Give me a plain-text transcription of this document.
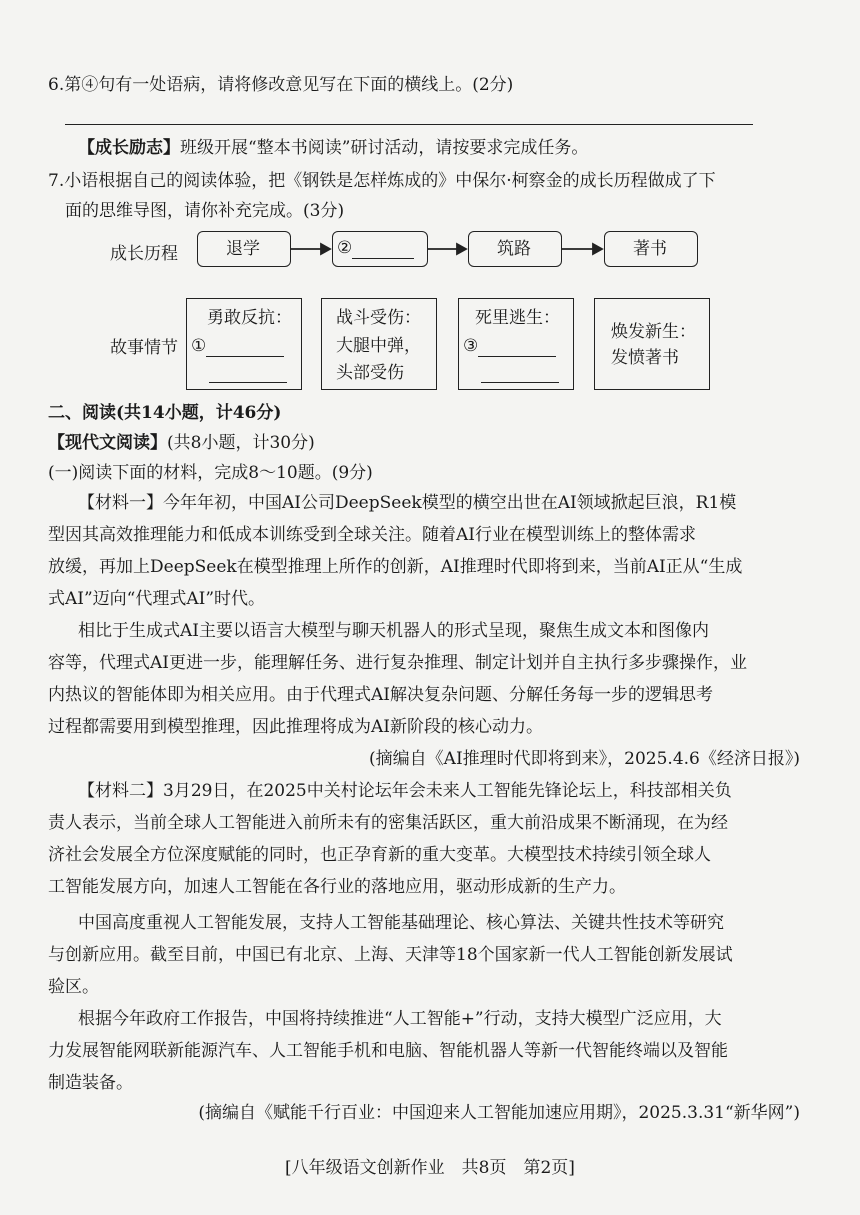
6.第④句有一处语病，请将修改意见写在下面的横线上。(2分)
【成长励志】班级开展“整本书阅读”研讨活动，请按要求完成任务。
7.小语根据自己的阅读体验，把《钢铁是怎样炼成的》中保尔·柯察金的成长历程做成了下
面的思维导图，请你补充完成。(3分)
成长历程
故事情节
退学	②	筑路	著书
勇敢反抗：
①
战斗受伤：
大腿中弹，
头部受伤
死里逃生：
③
焕发新生：
发愤著书
二、阅读(共14小题，计46分)
【现代文阅读】(共8小题，计30分)
(一)阅读下面的材料，完成8～10题。(9分)
【材料一】今年年初，中国AI公司DeepSeek模型的横空出世在AI领域掀起巨浪，R1模
型因其高效推理能力和低成本训练受到全球关注。随着AI行业在模型训练上的整体需求
放缓，再加上DeepSeek在模型推理上所作的创新，AI推理时代即将到来，当前AI正从“生成
式AI”迈向“代理式AI”时代。
相比于生成式AI主要以语言大模型与聊天机器人的形式呈现，聚焦生成文本和图像内
容等，代理式AI更进一步，能理解任务、进行复杂推理、制定计划并自主执行多步骤操作，业
内热议的智能体即为相关应用。由于代理式AI解决复杂问题、分解任务每一步的逻辑思考
过程都需要用到模型推理，因此推理将成为AI新阶段的核心动力。
(摘编自《AI推理时代即将到来》，2025.4.6《经济日报》)
【材料二】3月29日，在2025中关村论坛年会未来人工智能先锋论坛上，科技部相关负
责人表示，当前全球人工智能进入前所未有的密集活跃区，重大前沿成果不断涌现，在为经
济社会发展全方位深度赋能的同时，也正孕育新的重大变革。大模型技术持续引领全球人
工智能发展方向，加速人工智能在各行业的落地应用，驱动形成新的生产力。
中国高度重视人工智能发展，支持人工智能基础理论、核心算法、关键共性技术等研究
与创新应用。截至目前，中国已有北京、上海、天津等18个国家新一代人工智能创新发展试
验区。
根据今年政府工作报告，中国将持续推进“人工智能+”行动，支持大模型广泛应用，大
力发展智能网联新能源汽车、人工智能手机和电脑、智能机器人等新一代智能终端以及智能
制造装备。
(摘编自《赋能千行百业：中国迎来人工智能加速应用期》，2025.3.31“新华网”)
[八年级语文创新作业　共8页　第2页]
